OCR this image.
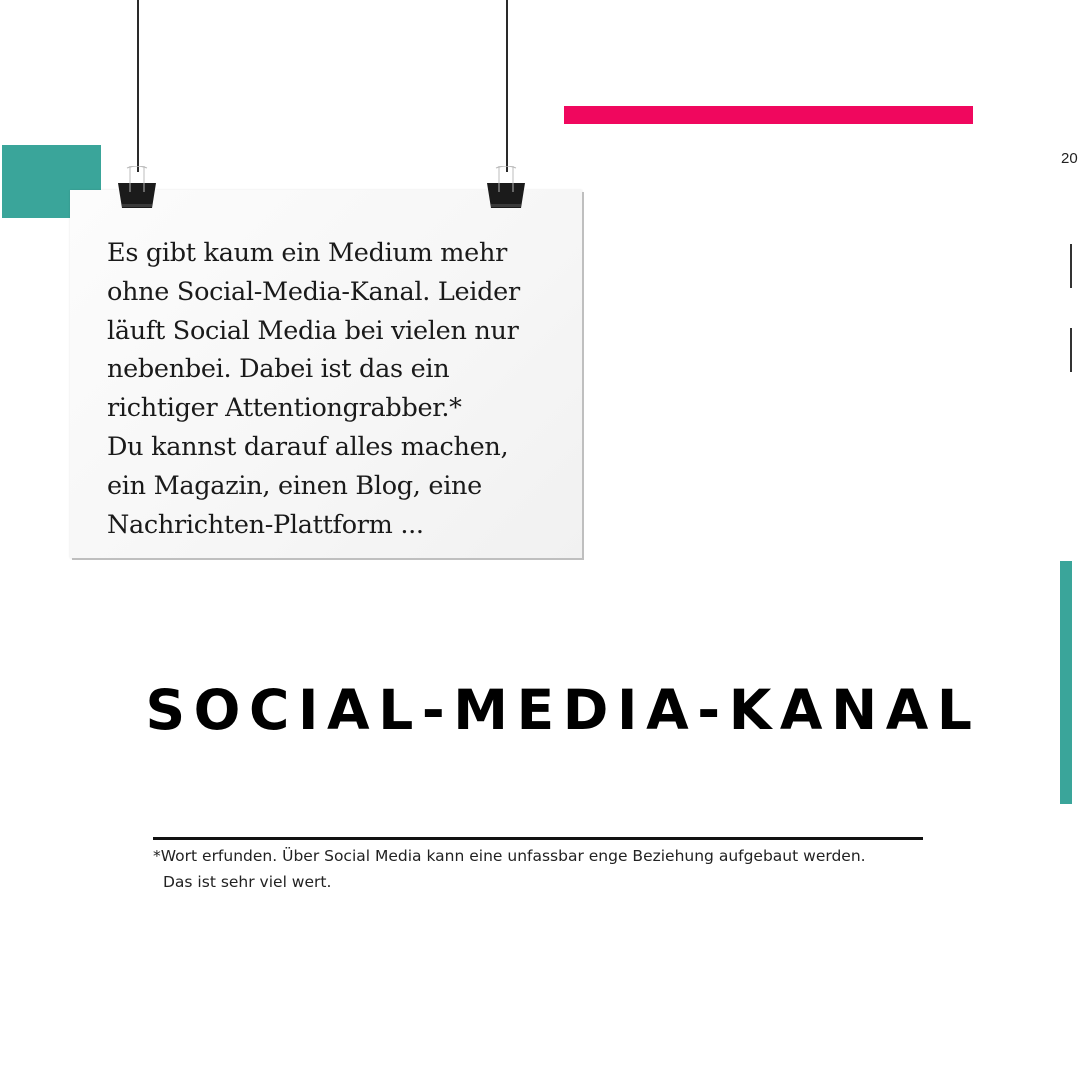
20
Es gibt kaum ein Medium mehr
ohne Social-Media-Kanal. Leider
läuft Social Media bei vielen nur
nebenbei. Dabei ist das ein
richtiger Attentiongrabber.*
Du kannst darauf alles machen,
ein Magazin, einen Blog, eine
Nachrichten-Plattform ...
SOCIAL-MEDIA-KANAL
*Wort erfunden. Über Social Media kann eine unfassbar enge Beziehung aufgebaut werden.
Das ist sehr viel wert.
